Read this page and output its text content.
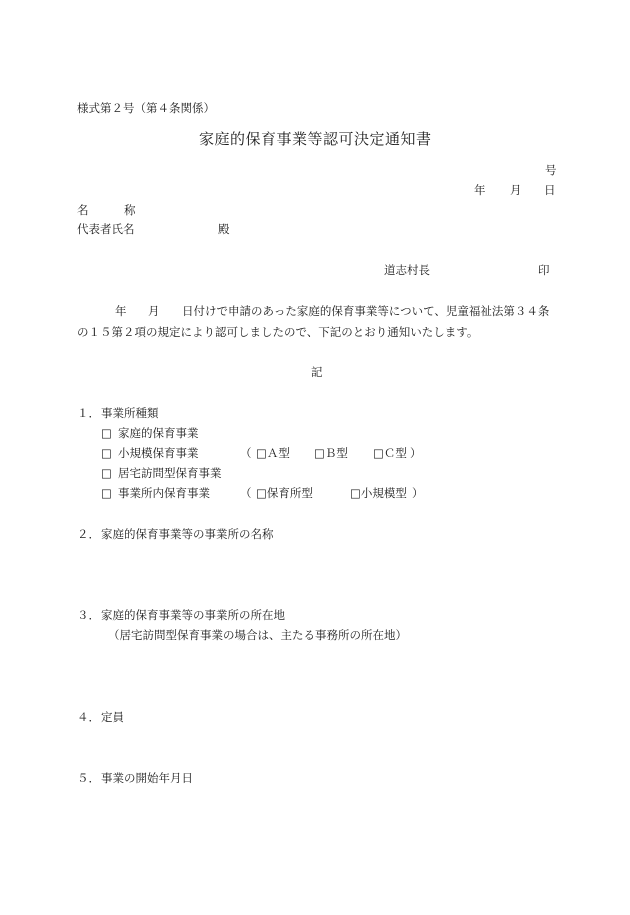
様式第２号（第４条関係）
家庭的保育事業等認可決定通知書
号
年 月 日
名	称
代表者氏名	殿
道志村長	印
年 月 日付けで申請のあった家庭的保育事業等について、児童福祉法第３４条
の１５第２項の規定により認可しましたので、下記のとおり通知いたします。
記
１． 事業所種類
□ 家庭的保育事業
□ 小規模保育事業	（ □Ａ型 □Ｂ型 □Ｃ型 ）
□ 居宅訪問型保育事業
□ 事業所内保育事業	（ □保育所型	□小規模型 ）
２． 家庭的保育事業等の事業所の名称
３． 家庭的保育事業等の事業所の所在地
（居宅訪問型保育事業の場合は、主たる事務所の所在地）
４． 定員
５． 事業の開始年月日
